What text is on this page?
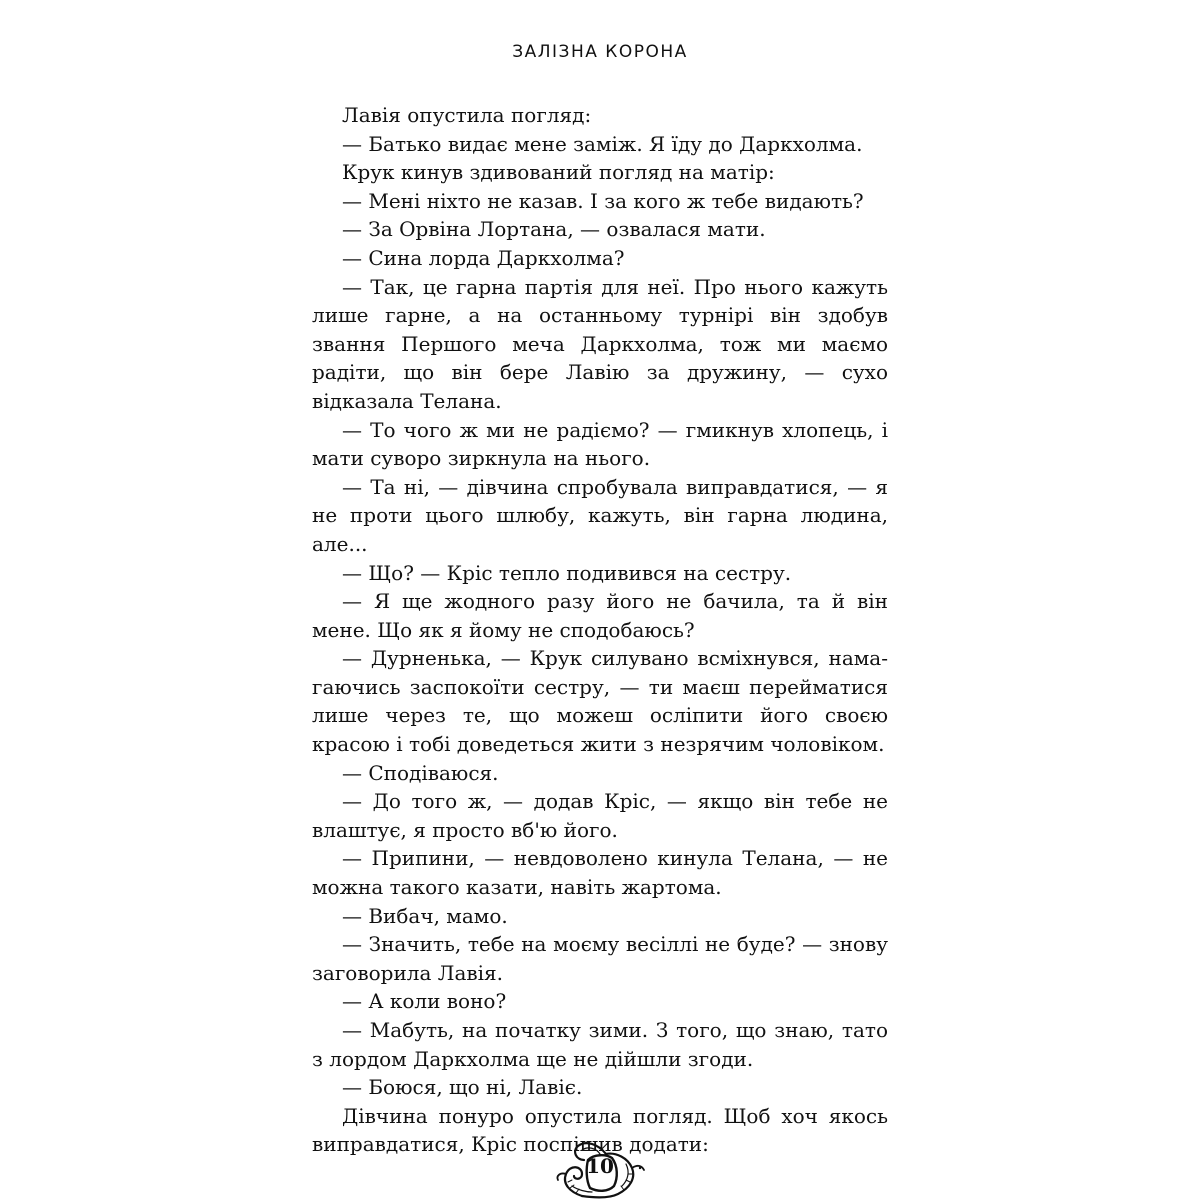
ЗАЛІЗНА КОРОНА

Лавія опустила погляд:

— Батько видає мене заміж. Я їду до Даркхолма.

Крук кинув здивований погляд на матір:

— Мені ніхто не казав. І за кого ж тебе видають?

— За Орвіна Лортана, — озвалася мати.

— Сина лорда Даркхолма?

— Так, це гарна партія для неї. Про нього кажуть лише гарне, а на останньому турнірі він здобув звання Першого меча Даркхолма, тож ми маємо радіти, що він бере Лавію за дружину, — сухо відказала Телана.

— То чого ж ми не радіємо? — гмикнув хлопець, і мати суворо зиркнула на нього.

— Та ні, — дівчина спробувала виправдатися, — я не проти цього шлюбу, кажуть, він гарна людина, але...

— Що? — Кріс тепло подивився на сестру.

— Я ще жодного разу його не бачила, та й він мене. Що як я йому не сподобаюсь?

— Дурненька, — Крук силувано всміхнувся, намагаючись заспокоїти сестру, — ти маєш перейматися лише через те, що можеш осліпити його своєю красою і тобі доведеться жити з незрячим чоловіком.

— Сподіваюся.

— До того ж, — додав Кріс, — якщо він тебе не влаштує, я просто вб'ю його.

— Припини, — невдоволено кинула Телана, — не можна такого казати, навіть жартома.

— Вибач, мамо.

— Значить, тебе на моєму весіллі не буде? — знову заговорила Лавія.

— А коли воно?

— Мабуть, на початку зими. З того, що знаю, тато з лордом Даркхолма ще не дійшли згоди.

— Боюся, що ні, Лавіє.

Дівчина понуро опустила погляд. Щоб хоч якось виправдатися, Кріс поспішив додати:

10
